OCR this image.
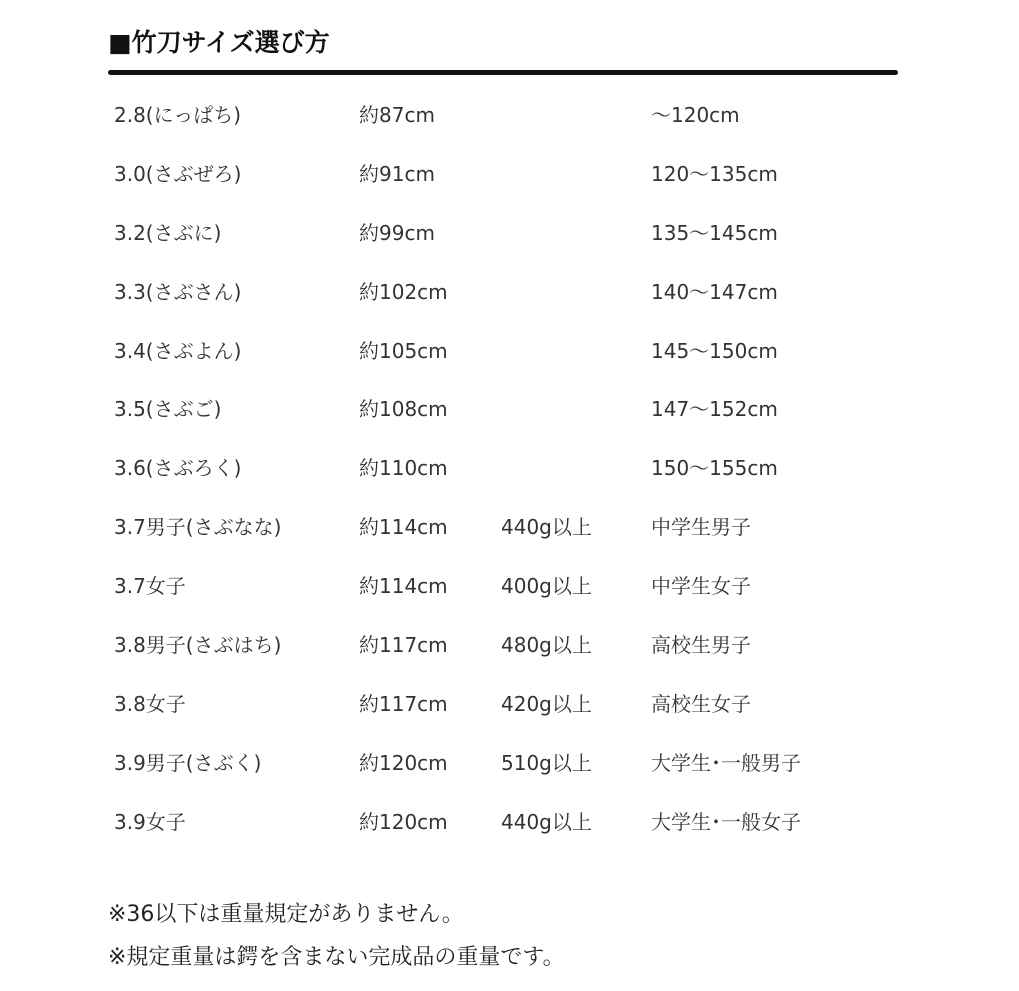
■竹刀サイズ選び方
2.8(にっぱち)	約87cm		～120cm
3.0(さぶぜろ)	約91cm		120～135cm
3.2(さぶに)	約99cm		135～145cm
3.3(さぶさん)	約102cm		140～147cm
3.4(さぶよん)	約105cm		145～150cm
3.5(さぶご)	約108cm		147～152cm
3.6(さぶろく)	約110cm		150～155cm
3.7男子(さぶなな)	約114cm	440g以上	中学生男子
3.7女子	約114cm	400g以上	中学生女子
3.8男子(さぶはち)	約117cm	480g以上	高校生男子
3.8女子	約117cm	420g以上	高校生女子
3.9男子(さぶく)	約120cm	510g以上	大学生･一般男子
3.9女子	約120cm	440g以上	大学生･一般女子
※36以下は重量規定がありません。
※規定重量は鍔を含まない完成品の重量です。
